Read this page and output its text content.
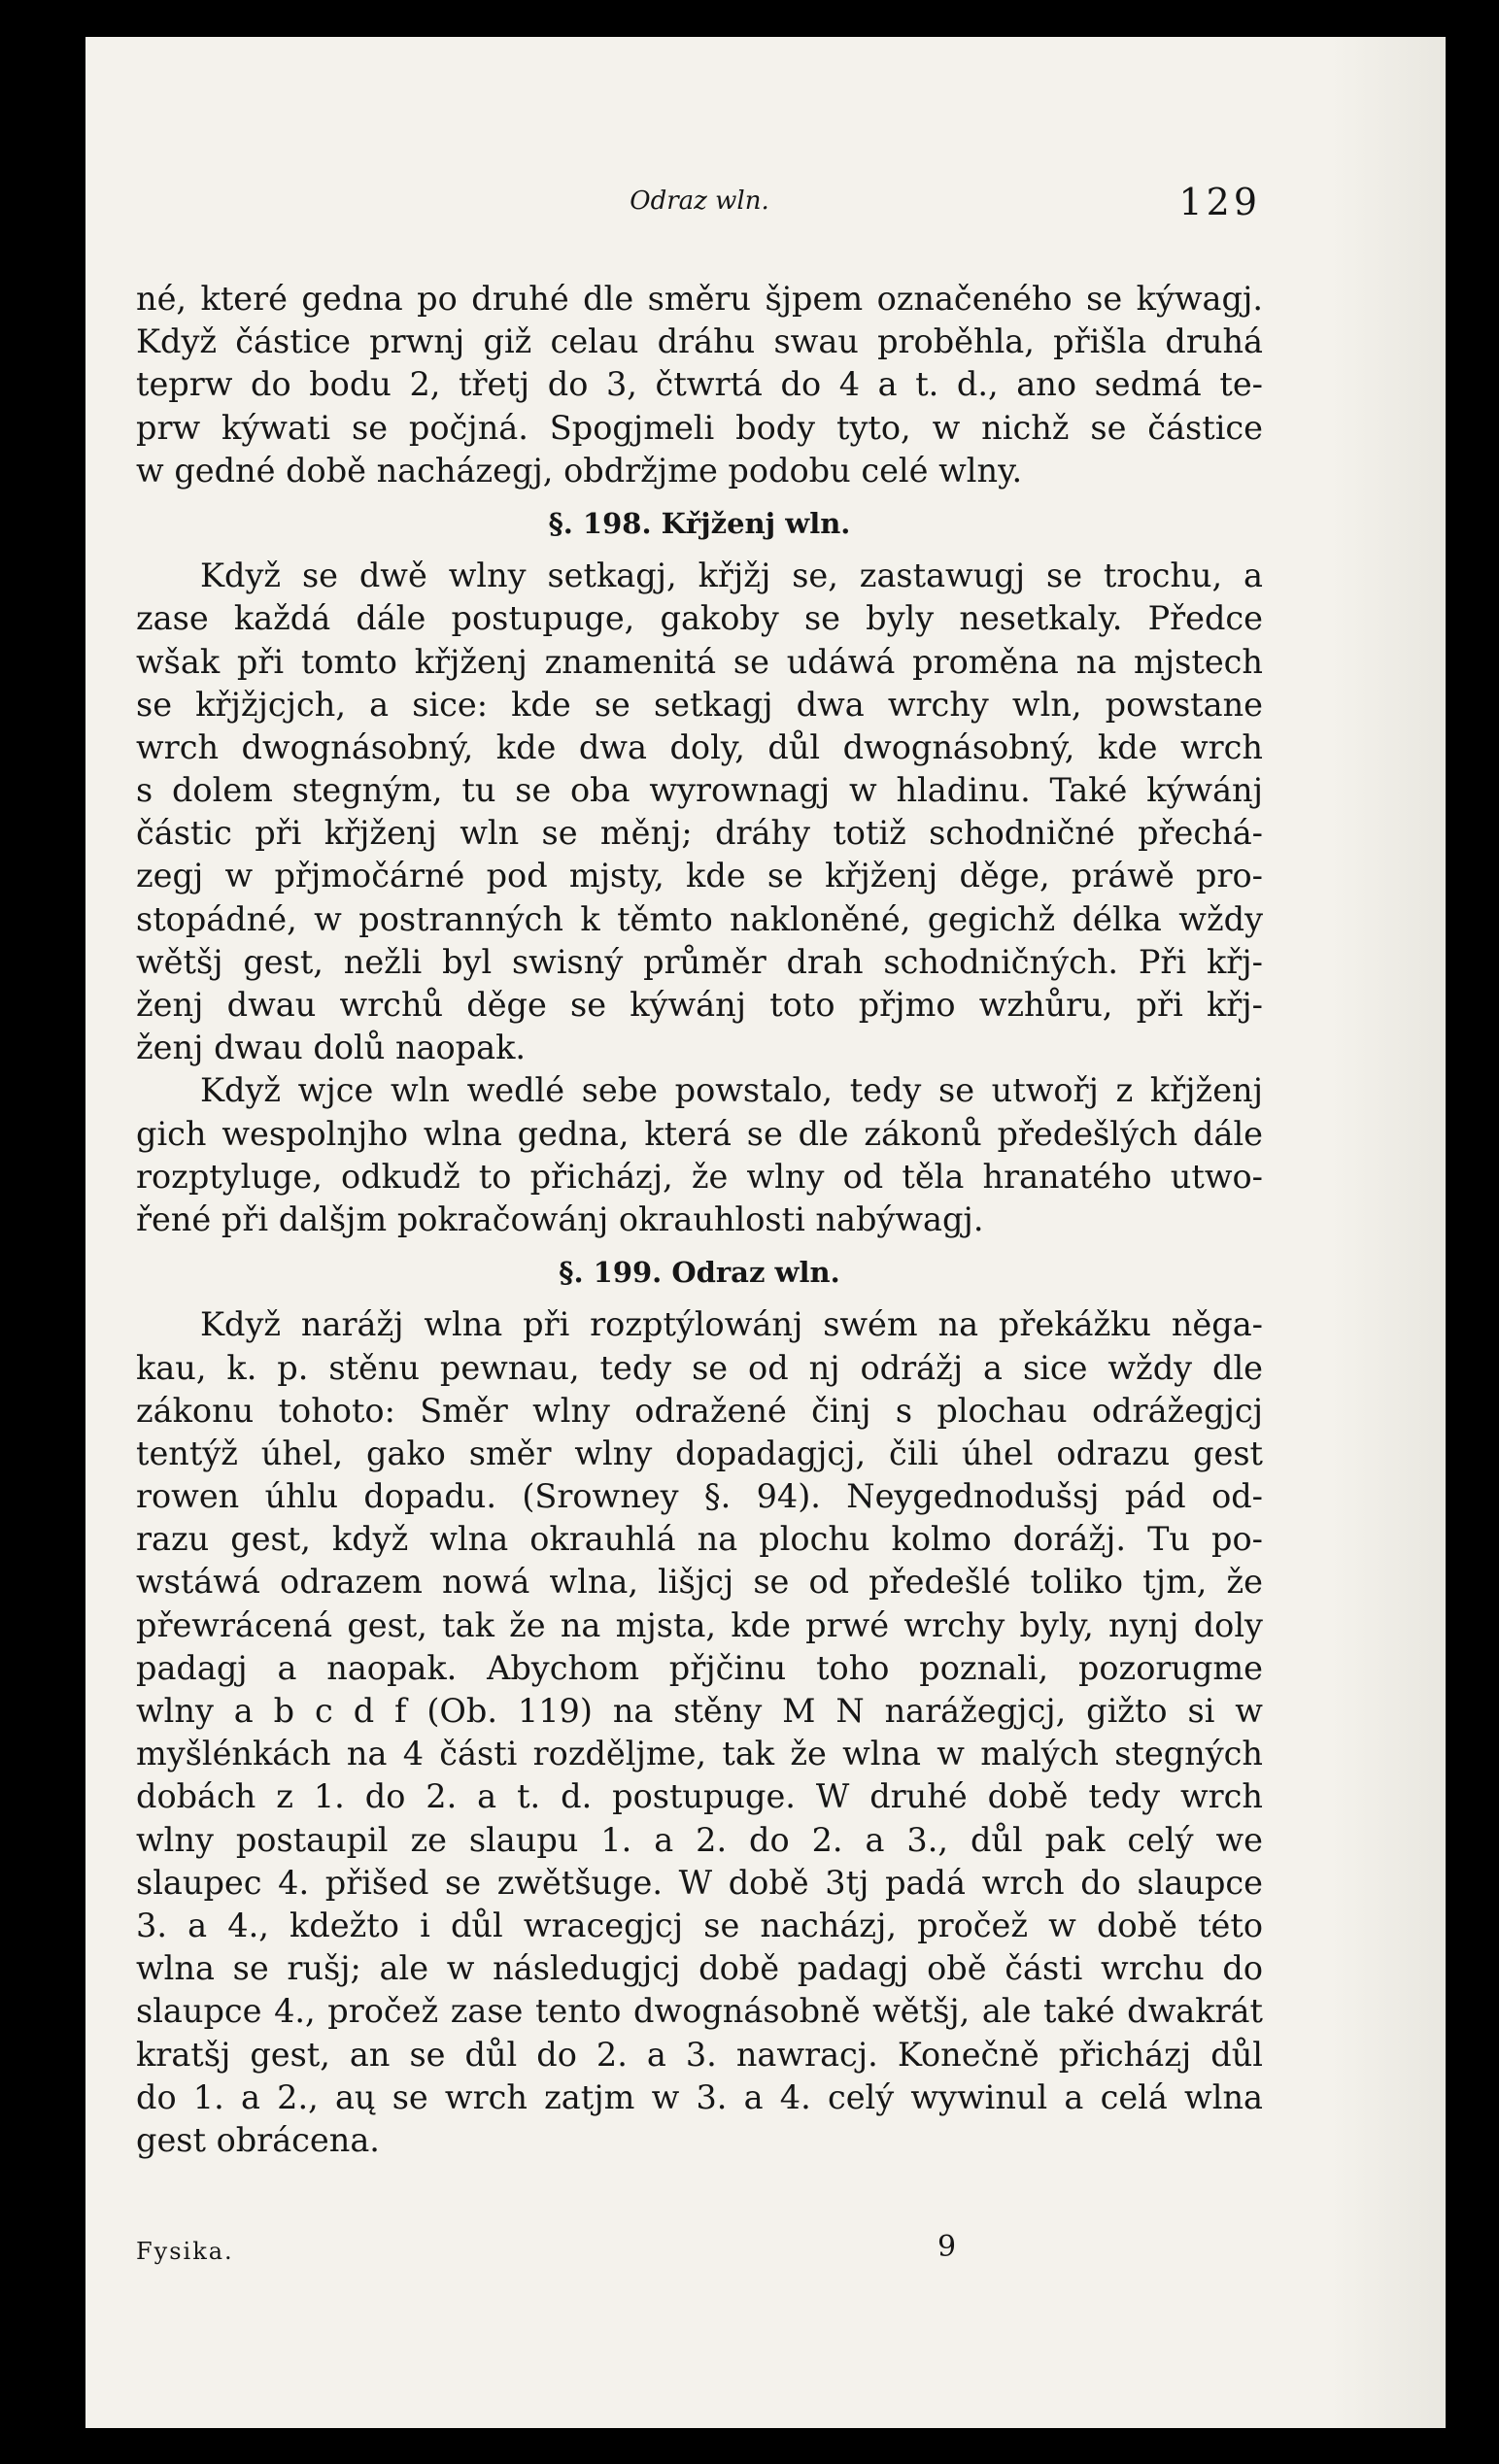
Odraz wln.	129
né, které gedna po druhé dle směru šjpem označeného se kýwagj.
Když částice prwnj giž celau dráhu swau proběhla, přišla druhá
teprw do bodu 2, třetj do 3, čtwrtá do 4 a t. d., ano sedmá te-
prw kýwati se počjná. Spogjmeli body tyto, w nichž se částice
w gedné době nacházegj, obdržjme podobu celé wlny.
§. 198. Křjženj wln.
Když se dwě wlny setkagj, křjžj se, zastawugj se trochu, a
zase každá dále postupuge, gakoby se byly nesetkaly. Předce
wšak při tomto křjženj znamenitá se udáwá proměna na mjstech
se křjžjcjch, a sice: kde se setkagj dwa wrchy wln, powstane
wrch dwognásobný, kde dwa doly, důl dwognásobný, kde wrch
s dolem stegným, tu se oba wyrownagj w hladinu. Také kýwánj
částic při křjženj wln se měnj; dráhy totiž schodničné přechá-
zegj w přjmočárné pod mjsty, kde se křjženj děge, práwě pro-
stopádné, w postranných k těmto nakloněné, gegichž délka wždy
wětšj gest, nežli byl swisný průměr drah schodničných. Při křj-
ženj dwau wrchů děge se kýwánj toto přjmo wzhůru, při křj-
ženj dwau dolů naopak.
Když wjce wln wedlé sebe powstalo, tedy se utwořj z křjženj
gich wespolnjho wlna gedna, která se dle zákonů předešlých dále
rozptyluge, odkudž to přicházj, že wlny od těla hranatého utwo-
řené při dalšjm pokračowánj okrauhlosti nabýwagj.
§. 199. Odraz wln.
Když narážj wlna při rozptýlowánj swém na překážku něga-
kau, k. p. stěnu pewnau, tedy se od nj odrážj a sice wždy dle
zákonu tohoto: Směr wlny odražené činj s plochau odrážegjcj
tentýž úhel, gako směr wlny dopadagjcj, čili úhel odrazu gest
rowen úhlu dopadu. (Srowney §. 94). Neygednodušsj pád od-
razu gest, když wlna okrauhlá na plochu kolmo dorážj. Tu po-
wstáwá odrazem nowá wlna, lišjcj se od předešlé toliko tjm, že
přewrácená gest, tak že na mjsta, kde prwé wrchy byly, nynj doly
padagj a naopak. Abychom přjčinu toho poznali, pozorugme
wlny a b c d f (Ob. 119) na stěny M N narážegjcj, gižto si w
myšlénkách na 4 části rozdělјme, tak že wlna w malých stegných
dobách z 1. do 2. a t. d. postupuge. W druhé době tedy wrch
wlny postaupil ze slaupu 1. a 2. do 2. a 3., důl pak celý we
slaupec 4. přišed se zwětšuge. W době 3tj padá wrch do slaupce
3. a 4., kdežto i důl wracegjcj se nacházj, pročež w době této
wlna se rušj; ale w následugjcj době padagj obě části wrchu do
slaupce 4., pročež zase tento dwognásobně wětšj, ale také dwakrát
kratšj gest, an se důl do 2. a 3. nawracj. Konečně přicházj důl
do 1. a 2., aų se wrch zatjm w 3. a 4. celý wywinul a celá wlna
gest obrácena.
Fysika.	9
